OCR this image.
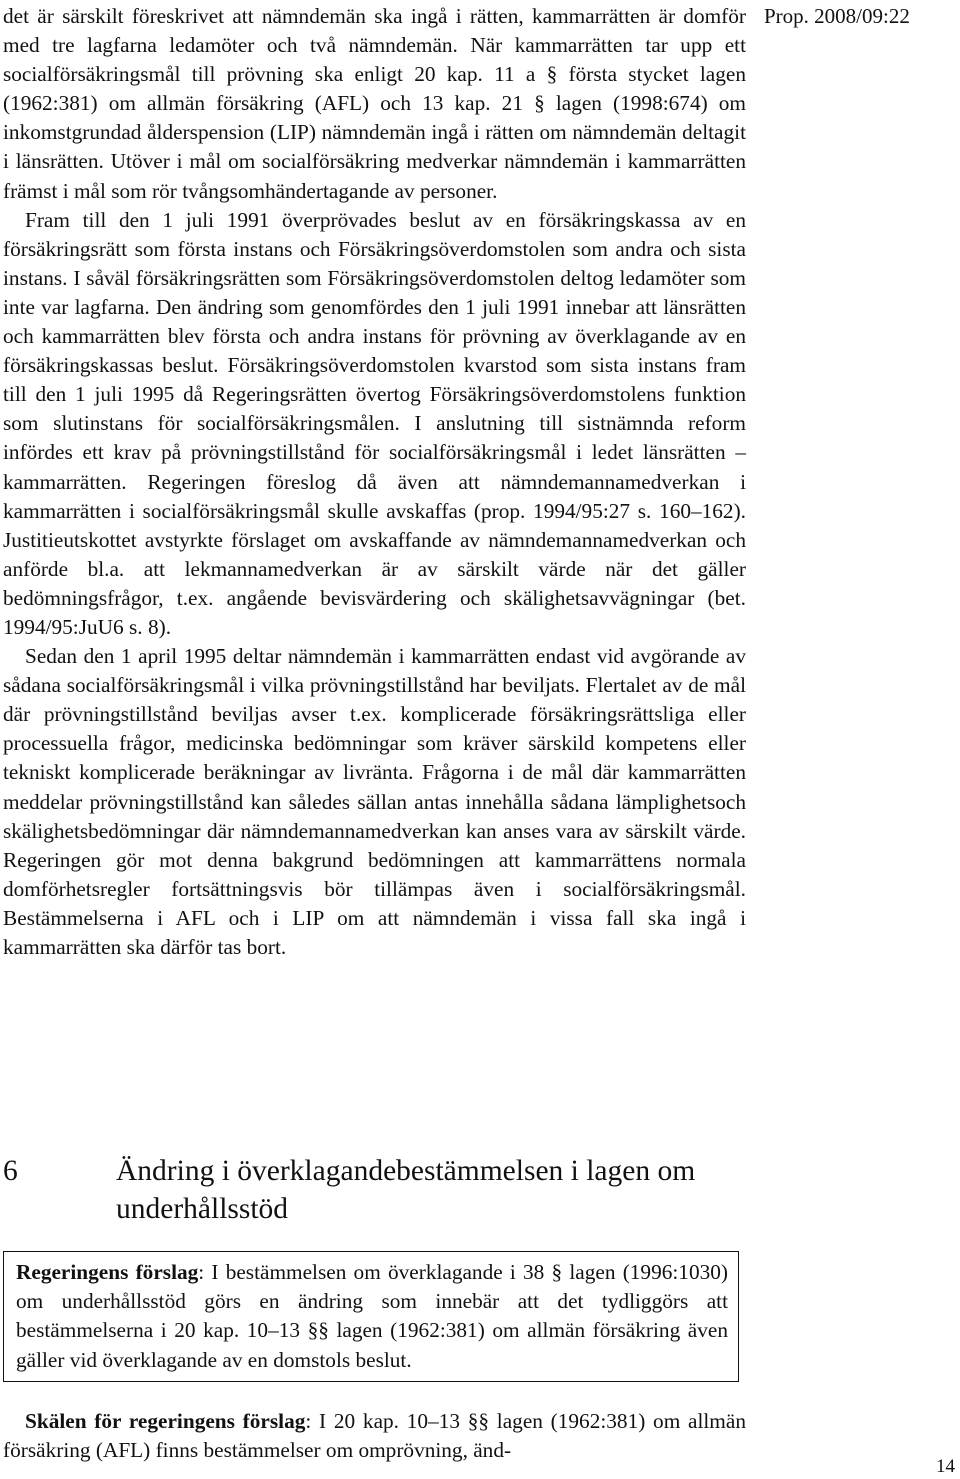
Prop. 2008/09:22

det är särskilt föreskrivet att nämndemän ska ingå i rätten, kammarrätten är domför med tre lagfarna ledamöter och två nämndemän. När kammarrätten tar upp ett socialförsäkringsmål till prövning ska enligt 20 kap. 11 a § första stycket lagen (1962:381) om allmän försäkring (AFL) och 13 kap. 21 § lagen (1998:674) om inkomstgrundad ålderspension (LIP) nämndemän ingå i rätten om nämndemän deltagit i länsrätten. Utöver i mål om socialförsäkring medverkar nämndemän i kammarrätten främst i mål som rör tvångsomhändertagande av personer.

Fram till den 1 juli 1991 överprövades beslut av en försäkringskassa av en försäkringsrätt som första instans och Försäkringsöverdomstolen som andra och sista instans. I såväl försäkringsrätten som Försäkringsöverdomstolen deltog ledamöter som inte var lagfarna. Den ändring som genomfördes den 1 juli 1991 innebar att länsrätten och kammarrätten blev första och andra instans för prövning av överklagande av en försäkringskassas beslut. Försäkringsöverdomstolen kvarstod som sista instans fram till den 1 juli 1995 då Regeringsrätten övertog Försäkringsöverdomstolens funktion som slutinstans för socialförsäkringsmålen. I anslutning till sistnämnda reform infördes ett krav på prövningstillstånd för socialförsäkringsmål i ledet länsrätten – kammarrätten. Regeringen föreslog då även att nämndemannamedverkan i kammarrätten i socialförsäkringsmål skulle avskaffas (prop. 1994/95:27 s. 160–162). Justitieutskottet avstyrkte förslaget om avskaffande av nämndemannamedverkan och anförde bl.a. att lekmannamedverkan är av särskilt värde när det gäller bedömningsfrågor, t.ex. angående bevisvärdering och skälighetsavvägningar (bet. 1994/95:JuU6 s. 8).

Sedan den 1 april 1995 deltar nämndemän i kammarrätten endast vid avgörande av sådana socialförsäkringsmål i vilka prövningstillstånd har beviljats. Flertalet av de mål där prövningstillstånd beviljas avser t.ex. komplicerade försäkringsrättsliga eller processuella frågor, medicinska bedömningar som kräver särskild kompetens eller tekniskt komplicerade beräkningar av livränta. Frågorna i de mål där kammarrätten meddelar prövningstillstånd kan således sällan antas innehålla sådana lämplighetsoch skälighetsbedömningar där nämndemannamedverkan kan anses vara av särskilt värde. Regeringen gör mot denna bakgrund bedömningen att kammarrättens normala domförhetsregler fortsättningsvis bör tillämpas även i socialförsäkringsmål. Bestämmelserna i AFL och i LIP om att nämndemän i vissa fall ska ingå i kammarrätten ska därför tas bort.

6	Ändring i överklagandebestämmelsen i lagen om underhållsstöd

Regeringens förslag: I bestämmelsen om överklagande i 38 § lagen (1996:1030) om underhållsstöd görs en ändring som innebär att det tydliggörs att bestämmelserna i 20 kap. 10–13 §§ lagen (1962:381) om allmän försäkring även gäller vid överklagande av en domstols beslut.

Skälen för regeringens förslag: I 20 kap. 10–13 §§ lagen (1962:381) om allmän försäkring (AFL) finns bestämmelser om omprövning, änd-

14
